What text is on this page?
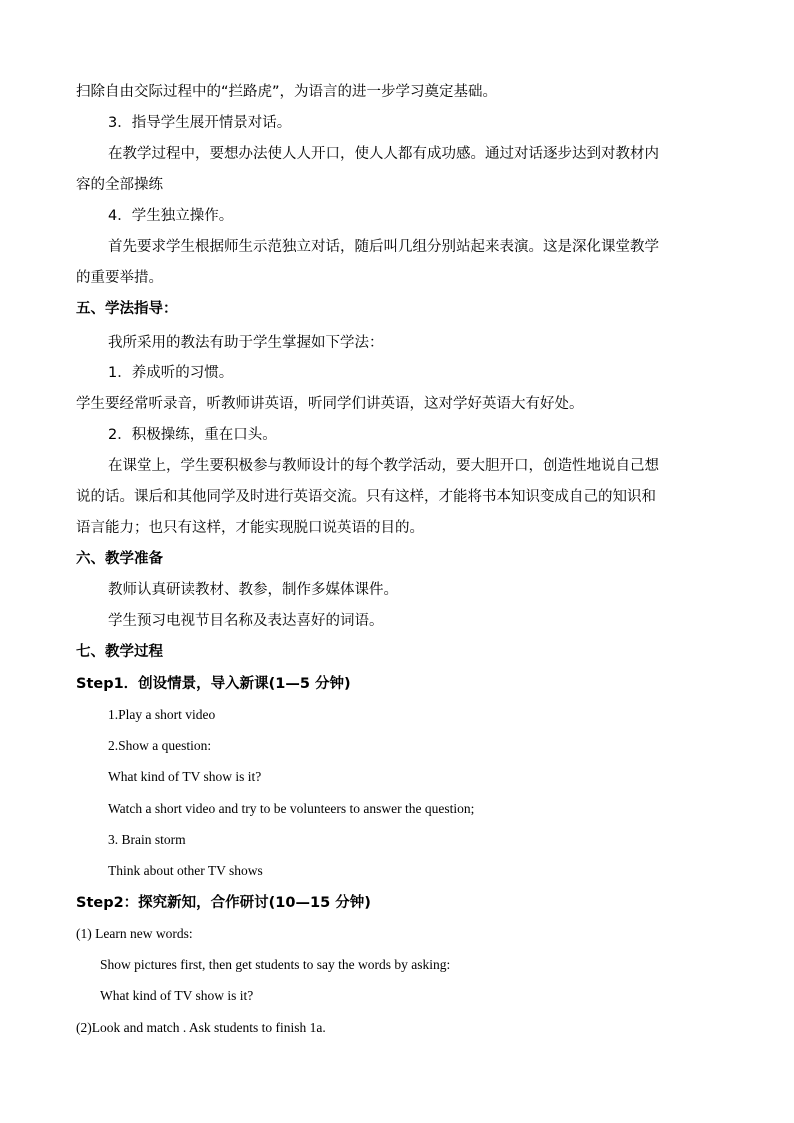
扫除自由交际过程中的“拦路虎”，为语言的进一步学习奠定基础。
3．指导学生展开情景对话。
在教学过程中，要想办法使人人开口，使人人都有成功感。通过对话逐步达到对教材内
容的全部操练
4．学生独立操作。
首先要求学生根据师生示范独立对话，随后叫几组分别站起来表演。这是深化课堂教学
的重要举措。
五、学法指导：
我所采用的教法有助于学生掌握如下学法：
1．养成听的习惯。
学生要经常听录音，听教师讲英语，听同学们讲英语，这对学好英语大有好处。
2．积极操练，重在口头。
在课堂上，学生要积极参与教师设计的每个教学活动，要大胆开口，创造性地说自己想
说的话。课后和其他同学及时进行英语交流。只有这样，才能将书本知识变成自己的知识和
语言能力；也只有这样，才能实现脱口说英语的目的。
六、教学准备
教师认真研读教材、教参，制作多媒体课件。
学生预习电视节目名称及表达喜好的词语。
七、教学过程
Step1．创设情景，导入新课(1—5 分钟)
1.Play a short video
2.Show a question:
What kind of TV show is it?
Watch a short video and try to be volunteers to answer the question;
3. Brain storm
Think about other TV shows
Step2：探究新知，合作研讨(10—15 分钟)
(1) Learn new words:
Show pictures first, then get students to say the words by asking:
What kind of TV show is it?
(2)Look and match . Ask students to finish 1a.
